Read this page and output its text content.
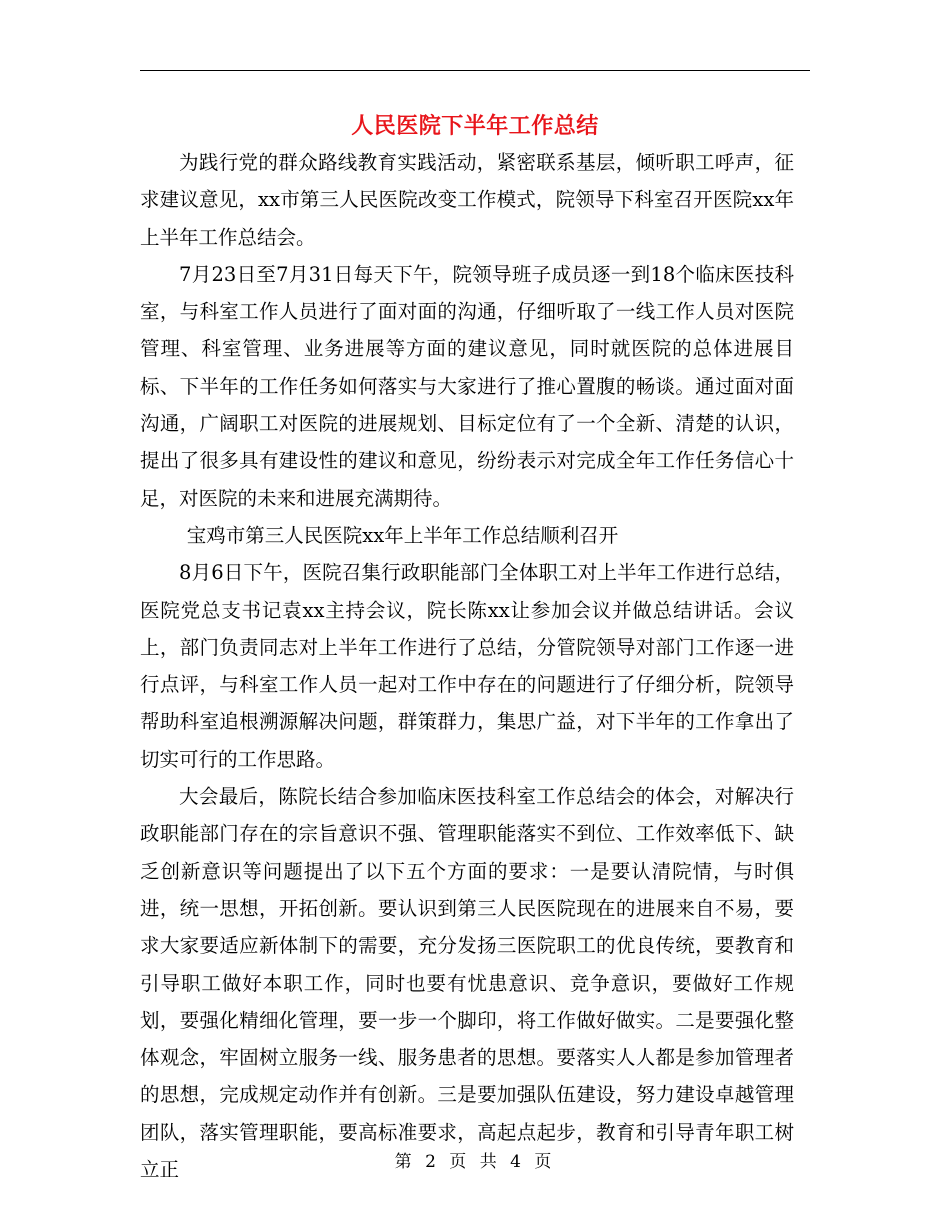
人民医院下半年工作总结

为践行党的群众路线教育实践活动，紧密联系基层，倾听职工呼声，征求建议意见，xx市第三人民医院改变工作模式，院领导下科室召开医院xx年上半年工作总结会。

7月23日至7月31日每天下午，院领导班子成员逐一到18个临床医技科室，与科室工作人员进行了面对面的沟通，仔细听取了一线工作人员对医院管理、科室管理、业务进展等方面的建议意见，同时就医院的总体进展目标、下半年的工作任务如何落实与大家进行了推心置腹的畅谈。通过面对面沟通，广阔职工对医院的进展规划、目标定位有了一个全新、清楚的认识，提出了很多具有建设性的建议和意见，纷纷表示对完成全年工作任务信心十足，对医院的未来和进展充满期待。

宝鸡市第三人民医院xx年上半年工作总结顺利召开

8月6日下午，医院召集行政职能部门全体职工对上半年工作进行总结，医院党总支书记袁xx主持会议，院长陈xx让参加会议并做总结讲话。会议上，部门负责同志对上半年工作进行了总结，分管院领导对部门工作逐一进行点评，与科室工作人员一起对工作中存在的问题进行了仔细分析，院领导帮助科室追根溯源解决问题，群策群力，集思广益，对下半年的工作拿出了切实可行的工作思路。

大会最后，陈院长结合参加临床医技科室工作总结会的体会，对解决行政职能部门存在的宗旨意识不强、管理职能落实不到位、工作效率低下、缺乏创新意识等问题提出了以下五个方面的要求：一是要认清院情，与时俱进，统一思想，开拓创新。要认识到第三人民医院现在的进展来自不易，要求大家要适应新体制下的需要，充分发扬三医院职工的优良传统，要教育和引导职工做好本职工作，同时也要有忧患意识、竞争意识，要做好工作规划，要强化精细化管理，要一步一个脚印，将工作做好做实。二是要强化整体观念，牢固树立服务一线、服务患者的思想。要落实人人都是参加管理者的思想，完成规定动作并有创新。三是要加强队伍建设，努力建设卓越管理团队，落实管理职能，要高标准要求，高起点起步，教育和引导青年职工树立正	第 2 页 共 4 页
